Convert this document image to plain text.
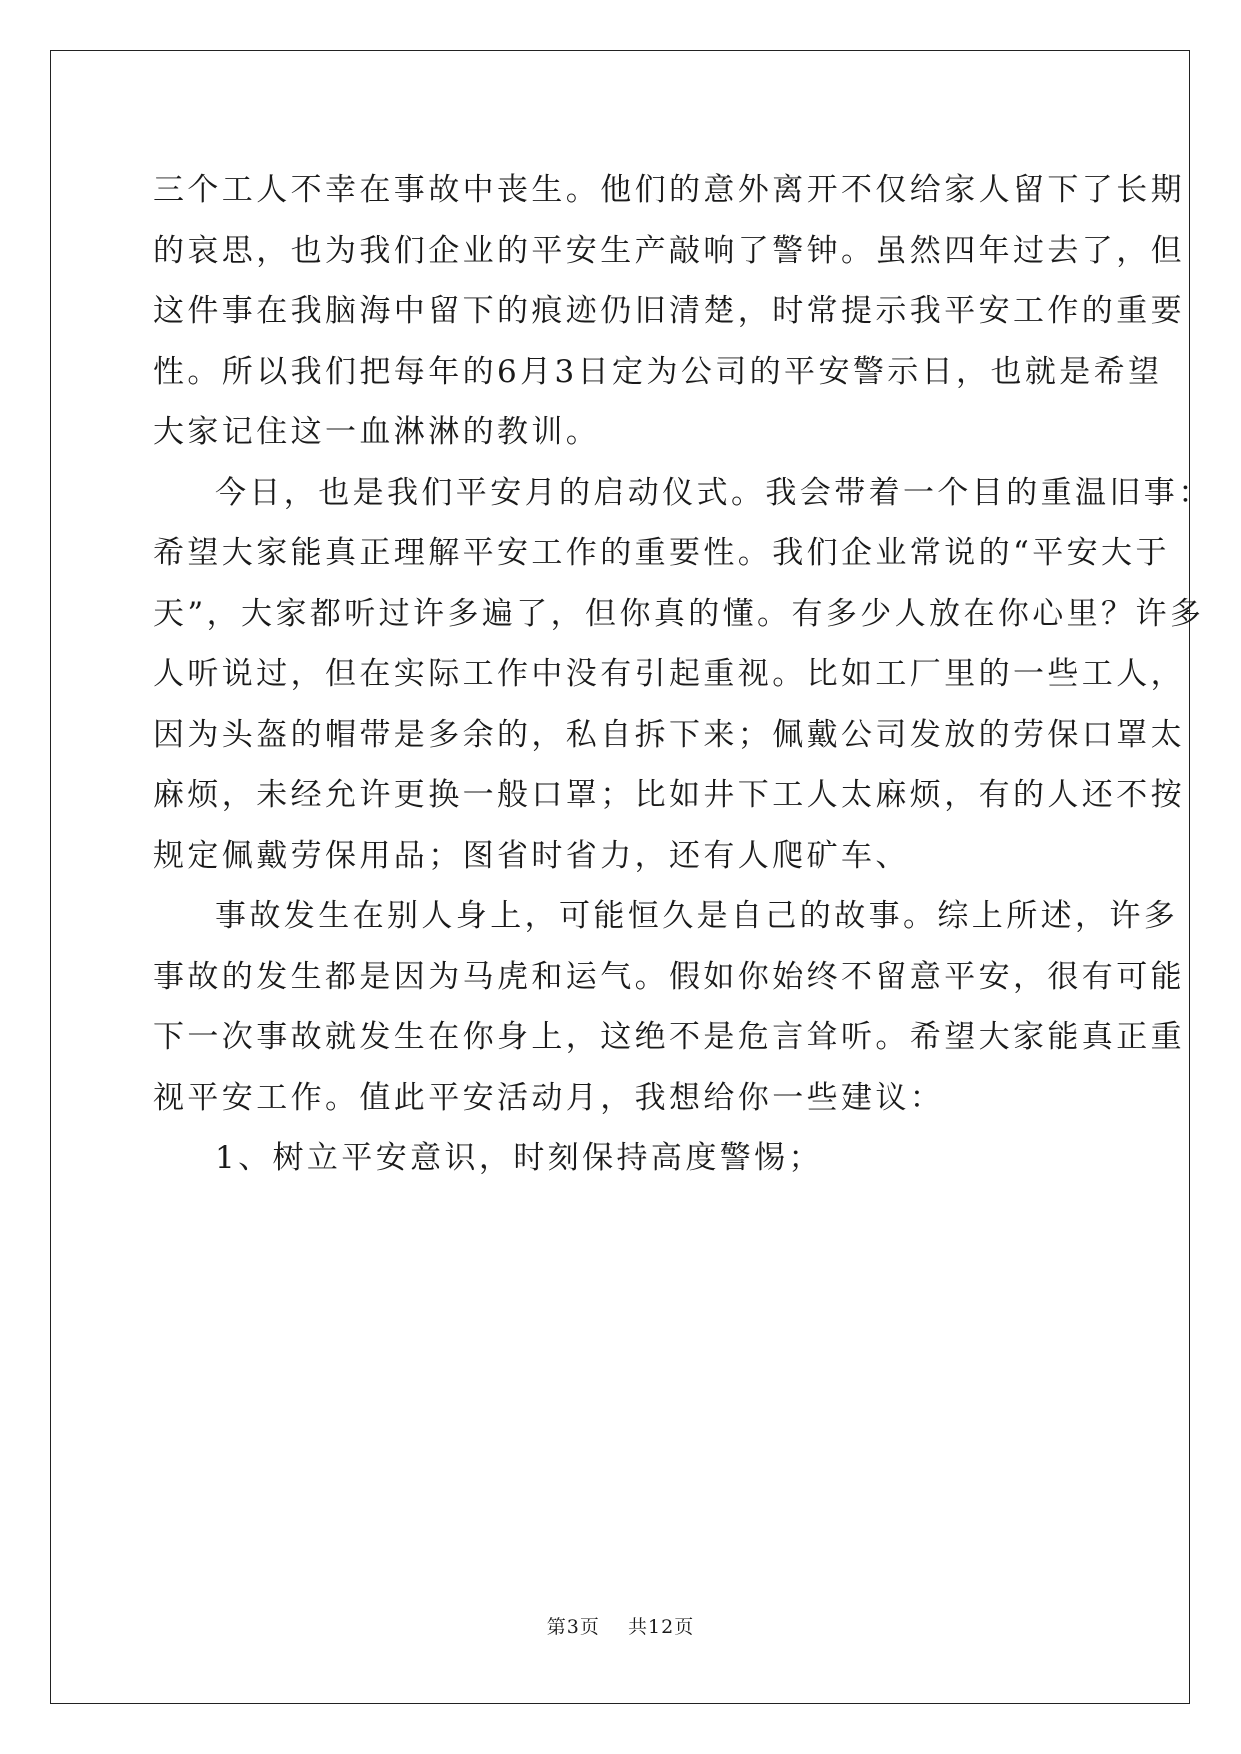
三个工人不幸在事故中丧生。他们的意外离开不仅给家人留下了长期
的哀思，也为我们企业的平安生产敲响了警钟。虽然四年过去了，但
这件事在我脑海中留下的痕迹仍旧清楚，时常提示我平安工作的重要
性。所以我们把每年的6月3日定为公司的平安警示日，也就是希望
大家记住这一血淋淋的教训。

今日，也是我们平安月的启动仪式。我会带着一个目的重温旧事：
希望大家能真正理解平安工作的重要性。我们企业常说的“平安大于
天”，大家都听过许多遍了，但你真的懂。有多少人放在你心里？许多
人听说过，但在实际工作中没有引起重视。比如工厂里的一些工人，
因为头盔的帽带是多余的，私自拆下来；佩戴公司发放的劳保口罩太
麻烦，未经允许更换一般口罩；比如井下工人太麻烦，有的人还不按
规定佩戴劳保用品；图省时省力，还有人爬矿车、

事故发生在别人身上，可能恒久是自己的故事。综上所述，许多
事故的发生都是因为马虎和运气。假如你始终不留意平安，很有可能
下一次事故就发生在你身上，这绝不是危言耸听。希望大家能真正重
视平安工作。值此平安活动月，我想给你一些建议：

1、树立平安意识，时刻保持高度警惕；

第3页 共12页
